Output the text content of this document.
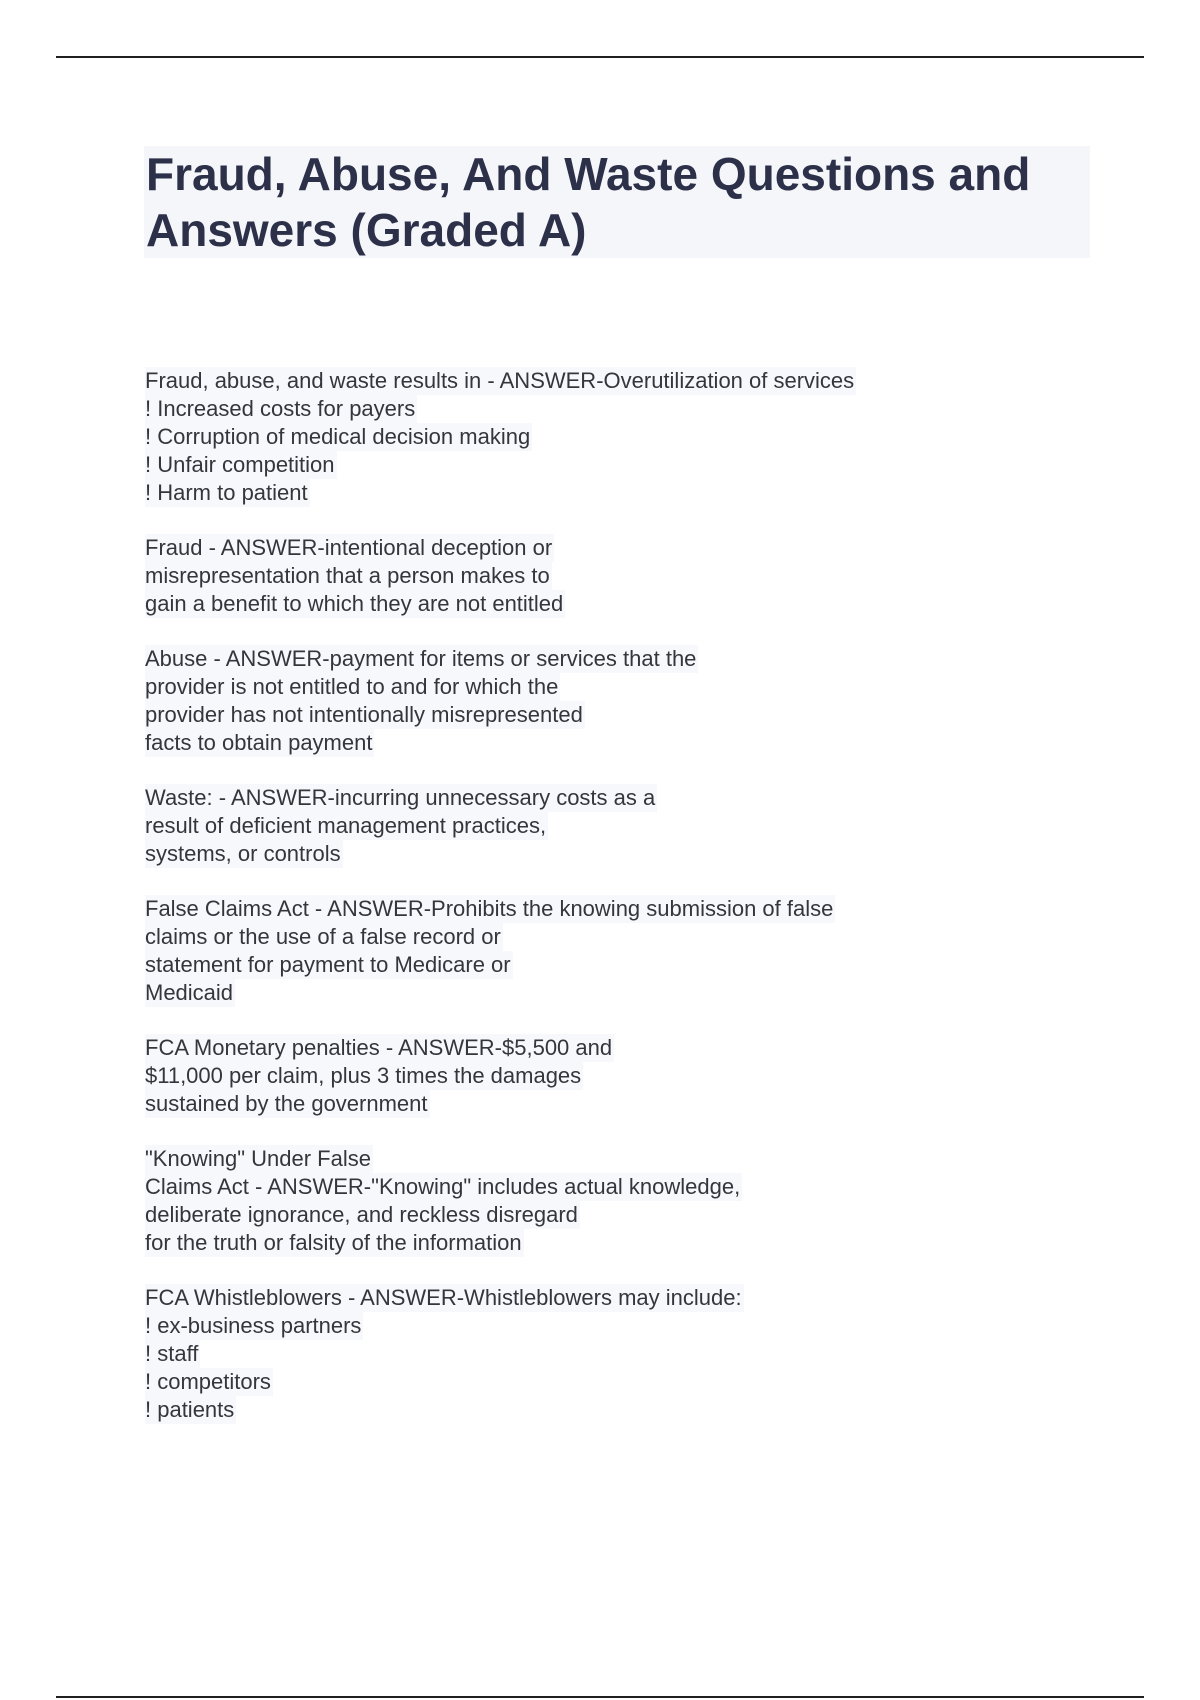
Fraud, Abuse, And Waste Questions and
Answers (Graded A)
Fraud, abuse, and waste results in - ANSWER-Overutilization of services
! Increased costs for payers
! Corruption of medical decision making
! Unfair competition
! Harm to patient
Fraud - ANSWER-intentional deception or
misrepresentation that a person makes to
gain a benefit to which they are not entitled
Abuse - ANSWER-payment for items or services that the
provider is not entitled to and for which the
provider has not intentionally misrepresented
facts to obtain payment
Waste: - ANSWER-incurring unnecessary costs as a
result of deficient management practices,
systems, or controls
False Claims Act - ANSWER-Prohibits the knowing submission of false
claims or the use of a false record or
statement for payment to Medicare or
Medicaid
FCA Monetary penalties - ANSWER-$5,500 and
$11,000 per claim, plus 3 times the damages
sustained by the government
"Knowing" Under False
Claims Act - ANSWER-"Knowing" includes actual knowledge,
deliberate ignorance, and reckless disregard
for the truth or falsity of the information
FCA Whistleblowers - ANSWER-Whistleblowers may include:
! ex-business partners
! staff
! competitors
! patients
